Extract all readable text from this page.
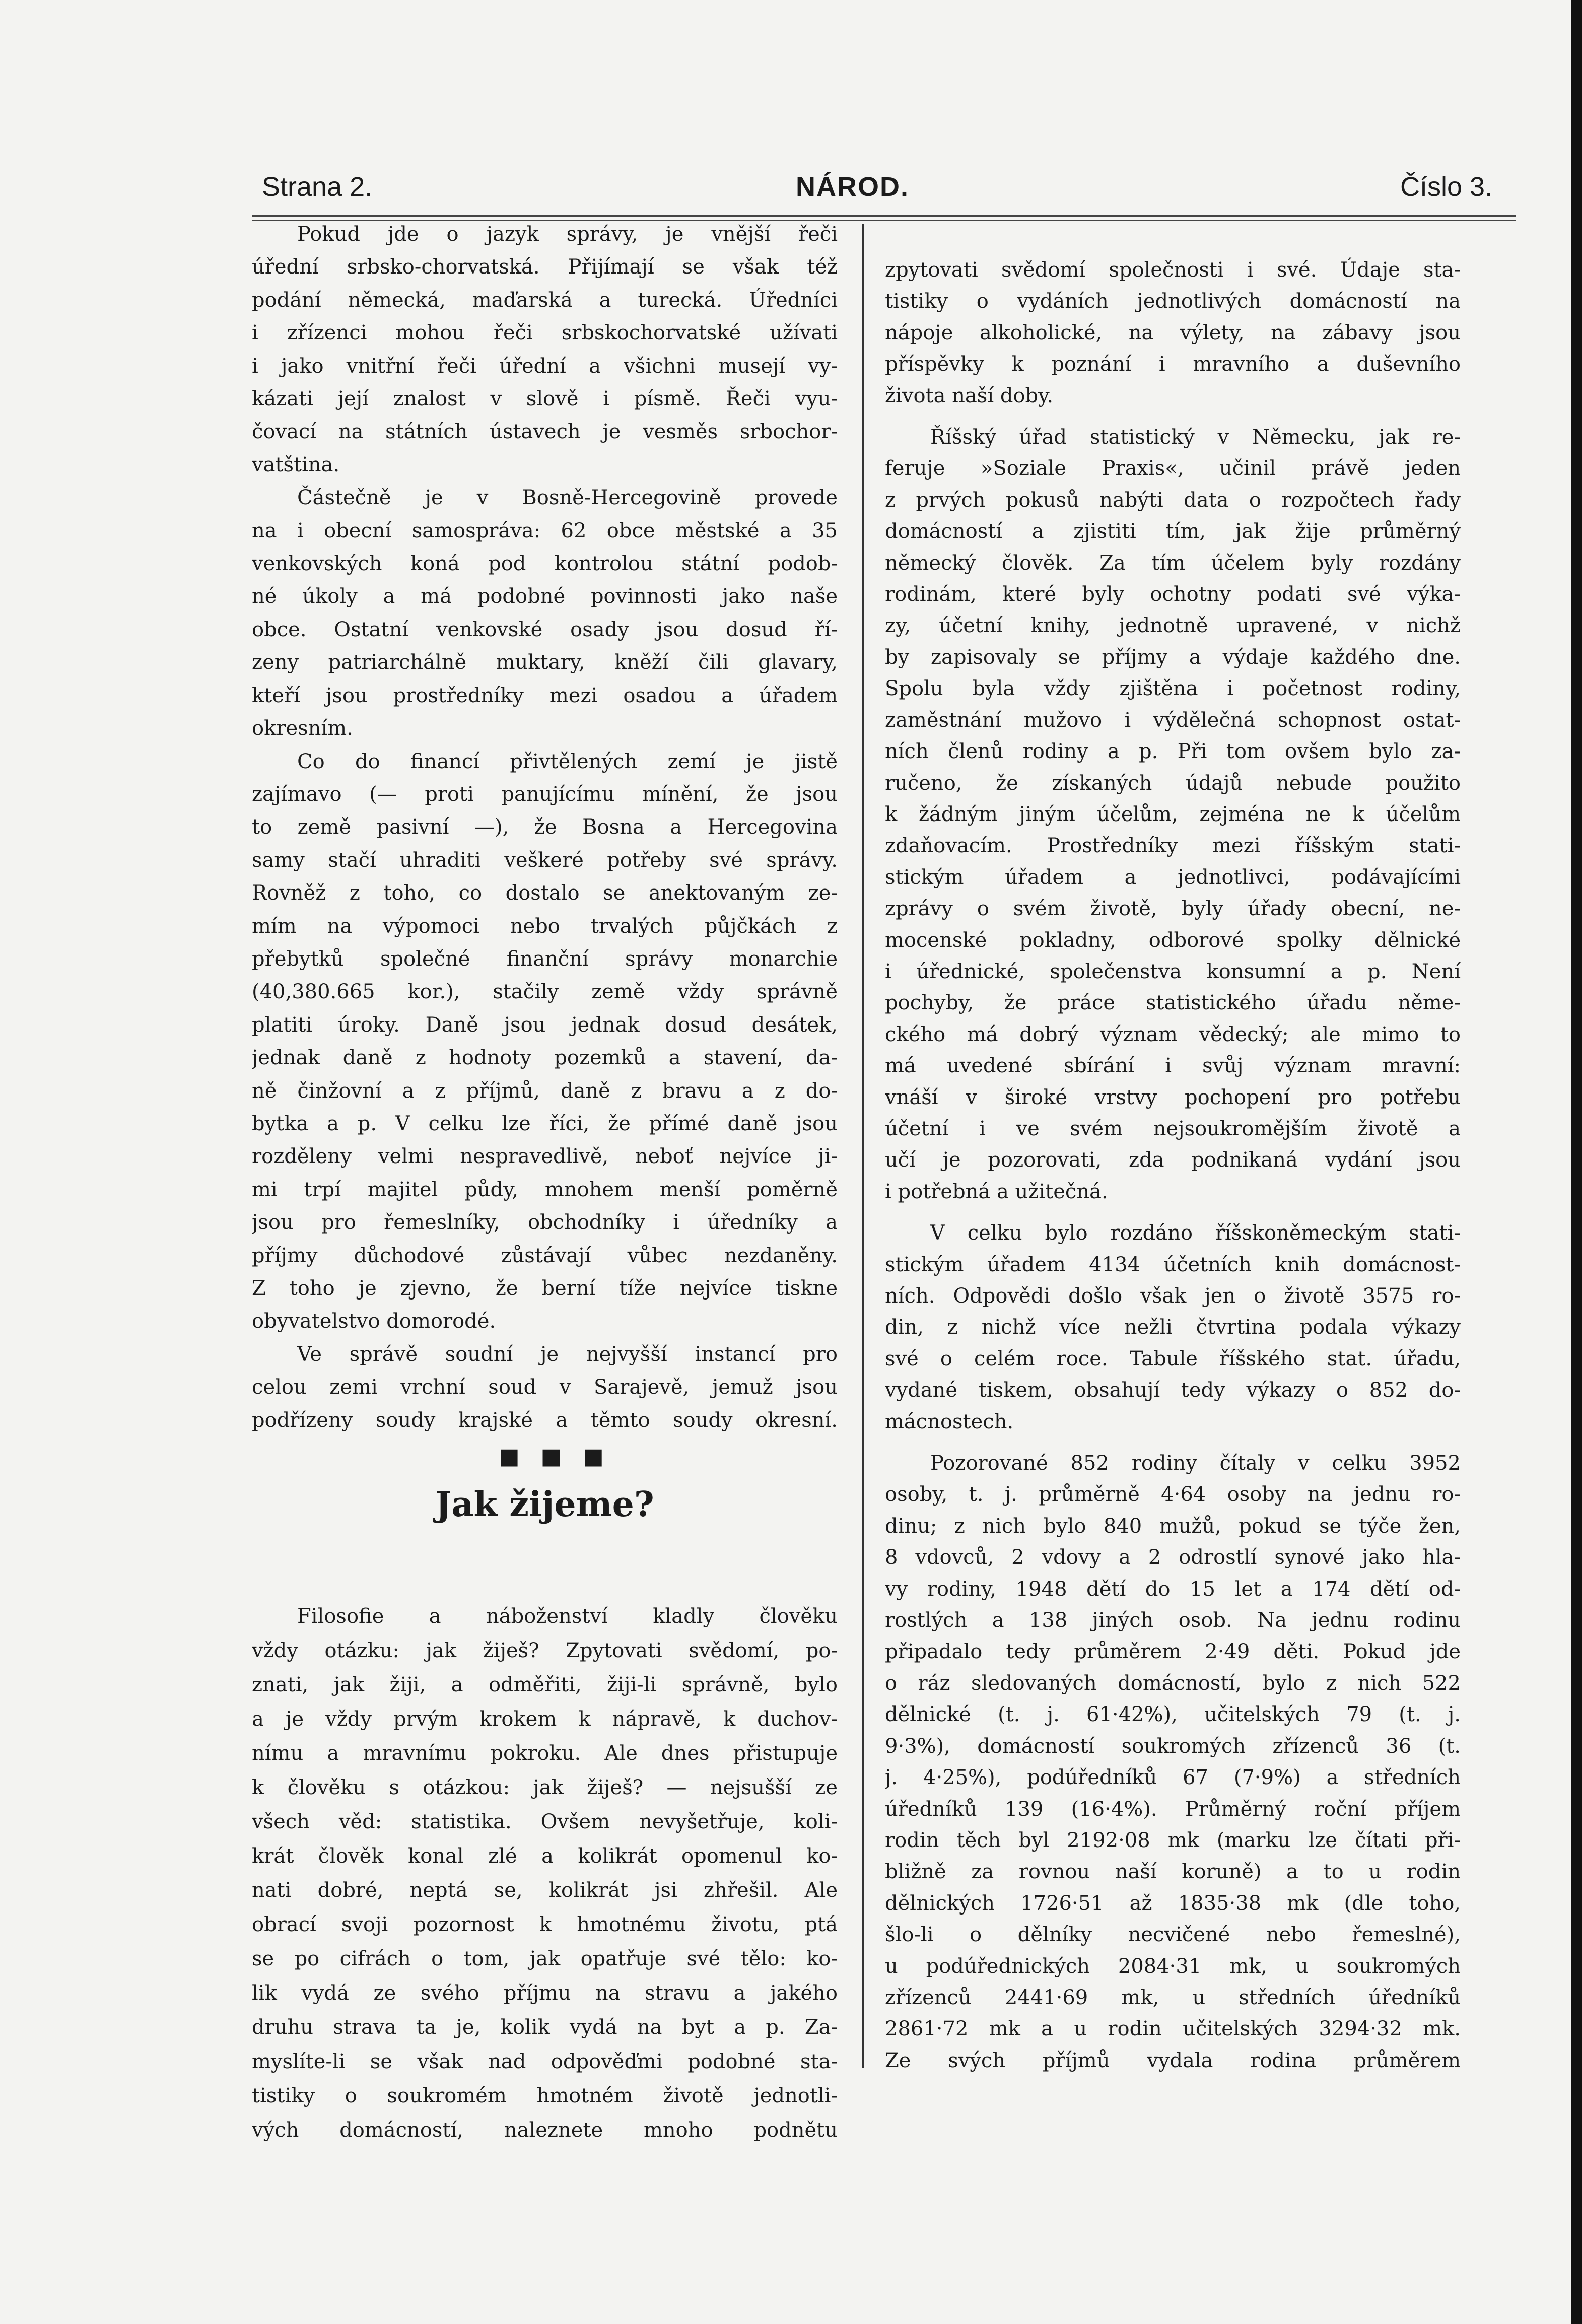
Strana 2.	NÁROD.	Číslo 3.
Pokud jde o jazyk správy, je vnější řeči
úřední srbsko-chorvatská. Přijímají se však též
podání německá, maďarská a turecká. Úředníci
i zřízenci mohou řeči srbskochorvatské užívati
i jako vnitřní řeči úřední a všichni musejí vy-
kázati její znalost v slově i písmě. Řeči vyu-
čovací na státních ústavech je vesměs srbochor-
vatština.
Částečně je v Bosně-Hercegovině provede
na i obecní samospráva: 62 obce městské a 35
venkovských koná pod kontrolou státní podob-
né úkoly a má podobné povinnosti jako naše
obce. Ostatní venkovské osady jsou dosud ří-
zeny patriarchálně muktary, kněží čili glavary,
kteří jsou prostředníky mezi osadou a úřadem
okresním.
Co do financí přivtělených zemí je jistě
zajímavo (— proti panujícímu mínění, že jsou
to země pasivní —), že Bosna a Hercegovina
samy stačí uhraditi veškeré potřeby své správy.
Rovněž z toho, co dostalo se anektovaným ze-
mím na výpomoci nebo trvalých půjčkách z
přebytků společné finanční správy monarchie
(40,380.665 kor.), stačily země vždy správně
platiti úroky. Daně jsou jednak dosud desátek,
jednak daně z hodnoty pozemků a stavení, da-
ně činžovní a z příjmů, daně z bravu a z do-
bytka a p. V celku lze říci, že přímé daně jsou
rozděleny velmi nespravedlivě, neboť nejvíce ji-
mi trpí majitel půdy, mnohem menší poměrně
jsou pro řemeslníky, obchodníky i úředníky a
příjmy důchodové zůstávají vůbec nezdaněny.
Z toho je zjevno, že berní tíže nejvíce tiskne
obyvatelstvo domorodé.
Ve správě soudní je nejvyšší instancí pro
celou zemi vrchní soud v Sarajevě, jemuž jsou
podřízeny soudy krajské a těmto soudy okresní.
■ ■ ■
Jak žijeme?
Filosofie a náboženství kladly člověku
vždy otázku: jak žiješ? Zpytovati svědomí, po-
znati, jak žiji, a odměřiti, žiji-li správně, bylo
a je vždy prvým krokem k nápravě, k duchov-
nímu a mravnímu pokroku. Ale dnes přistupuje
k člověku s otázkou: jak žiješ? — nejsušší ze
všech věd: statistika. Ovšem nevyšetřuje, koli-
krát člověk konal zlé a kolikrát opomenul ko-
nati dobré, neptá se, kolikrát jsi zhřešil. Ale
obrací svoji pozornost k hmotnému životu, ptá
se po cifrách o tom, jak opatřuje své tělo: ko-
lik vydá ze svého příjmu na stravu a jakého
druhu strava ta je, kolik vydá na byt a p. Za-
myslíte-li se však nad odpověďmi podobné sta-
tistiky o soukromém hmotném životě jednotli-
vých domácností, naleznete mnoho podnětu
zpytovati svědomí společnosti i své. Údaje sta-
tistiky o vydáních jednotlivých domácností na
nápoje alkoholické, na výlety, na zábavy jsou
příspěvky k poznání i mravního a duševního
života naší doby.
Říšský úřad statistický v Německu, jak re-
feruje »Soziale Praxis«, učinil právě jeden
z prvých pokusů nabýti data o rozpočtech řady
domácností a zjistiti tím, jak žije průměrný
německý člověk. Za tím účelem byly rozdány
rodinám, které byly ochotny podati své výka-
zy, účetní knihy, jednotně upravené, v nichž
by zapisovaly se příjmy a výdaje každého dne.
Spolu byla vždy zjištěna i početnost rodiny,
zaměstnání mužovo i výdělečná schopnost ostat-
ních členů rodiny a p. Při tom ovšem bylo za-
ručeno, že získaných údajů nebude použito
k žádným jiným účelům, zejména ne k účelům
zdaňovacím. Prostředníky mezi říšským stati-
stickým úřadem a jednotlivci, podávajícími
zprávy o svém životě, byly úřady obecní, ne-
mocenské pokladny, odborové spolky dělnické
i úřednické, společenstva konsumní a p. Není
pochyby, že práce statistického úřadu něme-
ckého má dobrý význam vědecký; ale mimo to
má uvedené sbírání i svůj význam mravní:
vnáší v široké vrstvy pochopení pro potřebu
účetní i ve svém nejsoukromějším životě a
učí je pozorovati, zda podnikaná vydání jsou
i potřebná a užitečná.
V celku bylo rozdáno říšskoněmeckým stati-
stickým úřadem 4134 účetních knih domácnost-
ních. Odpovědi došlo však jen o životě 3575 ro-
din, z nichž více nežli čtvrtina podala výkazy
své o celém roce. Tabule říšského stat. úřadu,
vydané tiskem, obsahují tedy výkazy o 852 do-
mácnostech.
Pozorované 852 rodiny čítaly v celku 3952
osoby, t. j. průměrně 4·64 osoby na jednu ro-
dinu; z nich bylo 840 mužů, pokud se týče žen,
8 vdovců, 2 vdovy a 2 odrostlí synové jako hla-
vy rodiny, 1948 dětí do 15 let a 174 dětí od-
rostlých a 138 jiných osob. Na jednu rodinu
připadalo tedy průměrem 2·49 děti. Pokud jde
o ráz sledovaných domácností, bylo z nich 522
dělnické (t. j. 61·42%), učitelských 79 (t. j.
9·3%), domácností soukromých zřízenců 36 (t.
j. 4·25%), podúředníků 67 (7·9%) a středních
úředníků 139 (16·4%). Průměrný roční příjem
rodin těch byl 2192·08 mk (marku lze čítati při-
bližně za rovnou naší koruně) a to u rodin
dělnických 1726·51 až 1835·38 mk (dle toho,
šlo-li o dělníky necvičené nebo řemeslné),
u podúřednických 2084·31 mk, u soukromých
zřízenců 2441·69 mk, u středních úředníků
2861·72 mk a u rodin učitelských 3294·32 mk.
Ze svých příjmů vydala rodina průměrem
